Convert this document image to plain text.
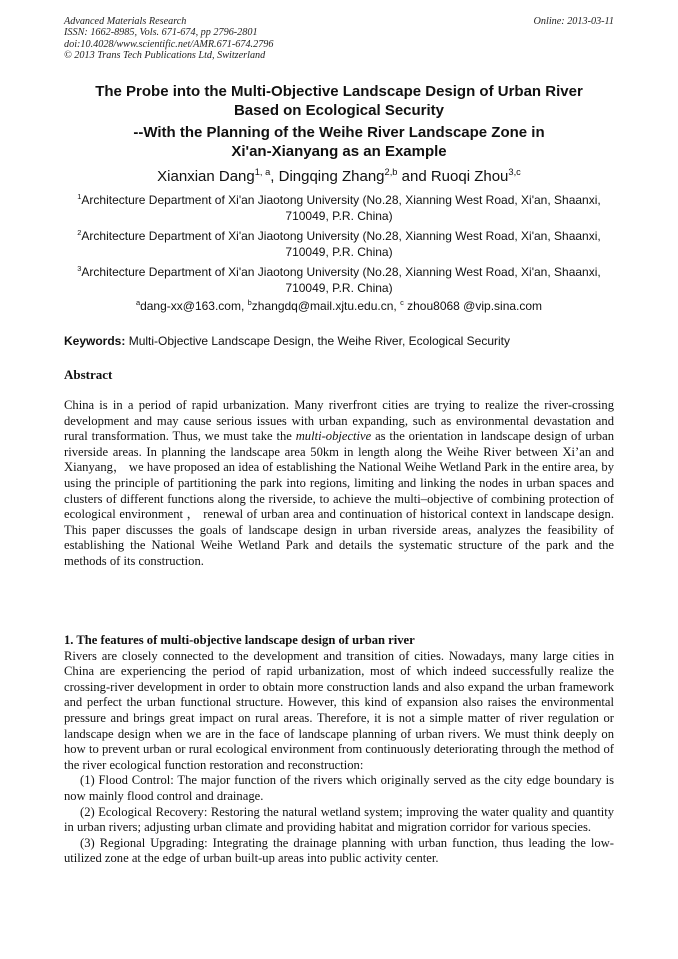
Advanced Materials Research
ISSN: 1662-8985, Vols. 671-674, pp 2796-2801
doi:10.4028/www.scientific.net/AMR.671-674.2796
© 2013 Trans Tech Publications Ltd, Switzerland
Online: 2013-03-11
The Probe into the Multi-Objective Landscape Design of Urban River
Based on Ecological Security
--With the Planning of the Weihe River Landscape Zone in
Xi'an-Xianyang as an Example
Xianxian Dang$^{1, a}$, Dingqing Zhang$^{2,b}$ and Ruoqi Zhou$^{3,c}$
$^1$Architecture Department of Xi'an Jiaotong University (No.28, Xianning West Road, Xi'an, Shaanxi, 710049, P.R. China)
$^2$Architecture Department of Xi'an Jiaotong University (No.28, Xianning West Road, Xi'an, Shaanxi, 710049, P.R. China)
$^3$Architecture Department of Xi'an Jiaotong University (No.28, Xianning West Road, Xi'an, Shaanxi, 710049, P.R. China)
$^a$dang-xx@163.com, $^b$zhangdq@mail.xjtu.edu.cn, $^c$ zhou8068 @vip.sina.com
Keywords: Multi-Objective Landscape Design, the Weihe River, Ecological Security
Abstract

China is in a period of rapid urbanization. Many riverfront cities are trying to realize the river-crossing development and may cause serious issues with urban expanding, such as environmental devastation and rural transformation. Thus, we must take the multi-objective as the orientation in landscape design of urban riverside areas. In planning the landscape area 50km in length along the Weihe River between Xi’an and Xianyang， we have proposed an idea of establishing the National Weihe Wetland Park in the entire area, by using the principle of partitioning the park into regions, limiting and linking the nodes in urban spaces and clusters of different functions along the riverside, to achieve the multi–objective of combining protection of ecological environment ， renewal of urban area and continuation of historical context in landscape design. This paper discusses the goals of landscape design in urban riverside areas, analyzes the feasibility of establishing the National Weihe Wetland Park and details the systematic structure of the park and the methods of its construction.

1. The features of multi-objective landscape design of urban river

Rivers are closely connected to the development and transition of cities. Nowadays, many large cities in China are experiencing the period of rapid urbanization, most of which indeed successfully realize the crossing-river development in order to obtain more construction lands and also expand the urban framework and perfect the urban functional structure. However, this kind of expansion also raises the environmental pressure and brings great impact on rural areas. Therefore, it is not a simple matter of river regulation or landscape design when we are in the face of landscape planning of urban rivers. We must think deeply on how to prevent urban or rural ecological environment from continuously deteriorating through the method of the river ecological function restoration and reconstruction:

(1) Flood Control: The major function of the rivers which originally served as the city edge boundary is now mainly flood control and drainage.

(2) Ecological Recovery: Restoring the natural wetland system; improving the water quality and quantity in urban rivers; adjusting urban climate and providing habitat and migration corridor for various species.

(3) Regional Upgrading: Integrating the drainage planning with urban function, thus leading the low-utilized zone at the edge of urban built-up areas into public activity center.
